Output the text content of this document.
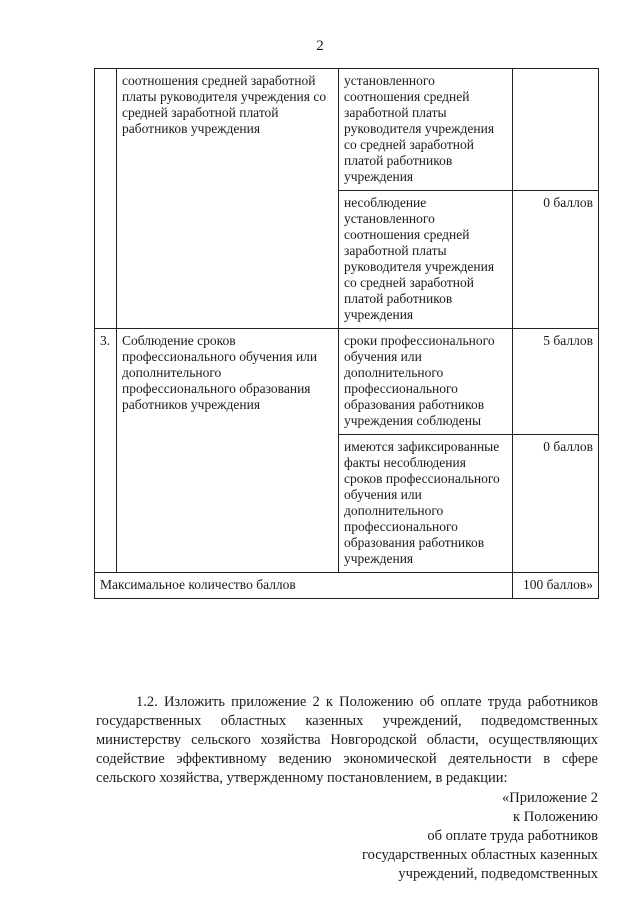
2
	соотношения средней заработной платы руководителя учреждения со средней заработной платой работников учреждения	установленного соотношения средней заработной платы руководителя учреждения со средней заработной платой работников учреждения	
		несоблюдение установленного соотношения средней заработной платы руководителя учреждения со средней заработной платой работников учреждения	0 баллов
3.	Соблюдение сроков профессионального обучения или дополнительного профессионального образования работников учреждения	сроки профессионального обучения или дополнительного профессионального образования работников учреждения соблюдены	5 баллов
		имеются зафиксированные факты несоблюдения сроков профессионального обучения или дополнительного профессионального образования работников учреждения	0 баллов
Максимальное количество баллов			100 баллов»

1.2. Изложить приложение 2 к Положению об оплате труда работников государственных областных казенных учреждений, подведомственных министерству сельского хозяйства Новгородской области, осуществляющих содействие эффективному ведению экономической деятельности в сфере сельского хозяйства, утвержденному постановлением, в редакции:

«Приложение 2
к Положению
об оплате труда работников
государственных областных казенных
учреждений, подведомственных
